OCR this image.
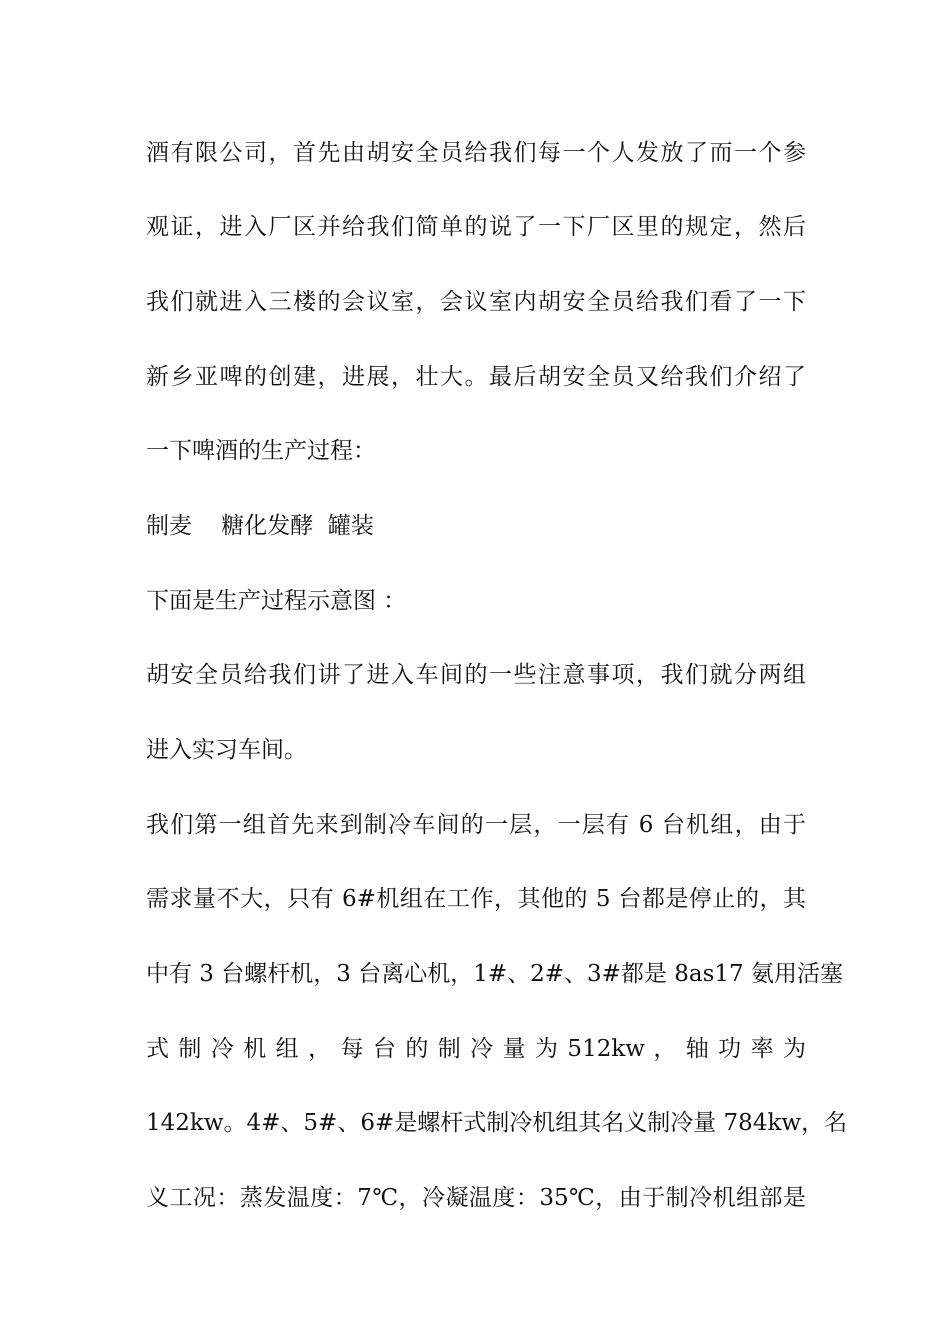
酒有限公司，首先由胡安全员给我们每一个人发放了而一个参
观证，进入厂区并给我们简单的说了一下厂区里的规定，然后
我们就进入三楼的会议室，会议室内胡安全员给我们看了一下
新乡亚啤的创建，进展，壮大。最后胡安全员又给我们介绍了
一下啤酒的生产过程：
制麦    糖化发酵  罐装
下面是生产过程示意图 ：
胡安全员给我们讲了进入车间的一些注意事项，我们就分两组
进入实习车间。
我们第一组首先来到制冷车间的一层，一层有 6 台机组，由于
需求量不大，只有 6#机组在工作，其他的 5 台都是停止的，其
中有 3 台螺杆机，3 台离心机，1#、2#、3#都是 8as17 氨用活塞
式 制 冷 机 组 ， 每 台 的 制 冷 量 为 512kw ， 轴 功 率 为
142kw。4#、5#、6#是螺杆式制冷机组其名义制冷量 784kw，名
义工况：蒸发温度：7℃，冷凝温度：35℃，由于制冷机组部是
